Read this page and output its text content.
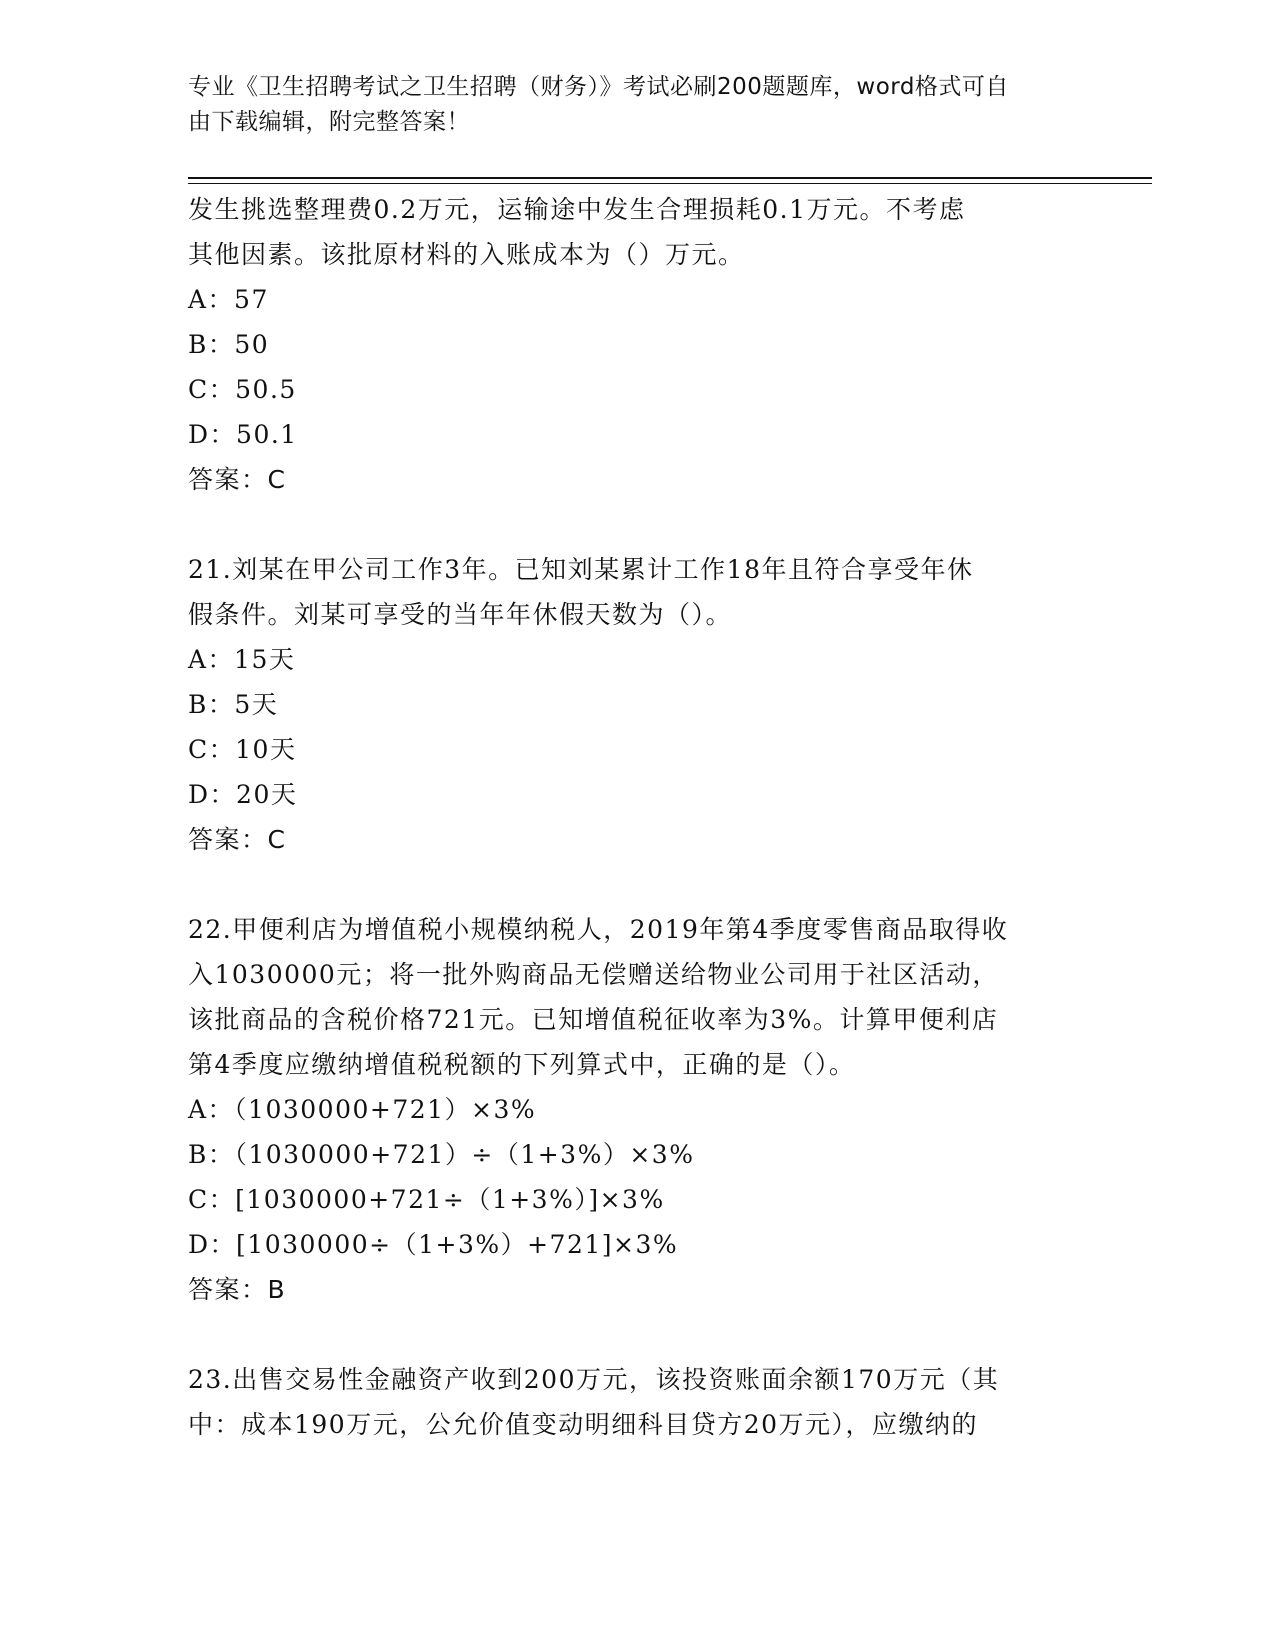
专业《卫生招聘考试之卫生招聘（财务）》考试必刷200题题库，word格式可自
由下载编辑，附完整答案！
发生挑选整理费0.2万元，运输途中发生合理损耗0.1万元。不考虑
其他因素。该批原材料的入账成本为（）万元。
A：57
B：50
C：50.5
D：50.1
答案：C
21.刘某在甲公司工作3年。已知刘某累计工作18年且符合享受年休
假条件。刘某可享受的当年年休假天数为（）。
A：15天
B：5天
C：10天
D：20天
答案：C
22.甲便利店为增值税小规模纳税人，2019年第4季度零售商品取得收
入1030000元；将一批外购商品无偿赠送给物业公司用于社区活动，
该批商品的含税价格721元。已知增值税征收率为3%。计算甲便利店
第4季度应缴纳增值税税额的下列算式中，正确的是（）。
A：（1030000+721）×3%
B：（1030000+721）÷（1+3%）×3%
C：[1030000+721÷（1+3%）]×3%
D：[1030000÷（1+3%）+721]×3%
答案：B
23.出售交易性金融资产收到200万元，该投资账面余额170万元（其
中：成本190万元，公允价值变动明细科目贷方20万元），应缴纳的
